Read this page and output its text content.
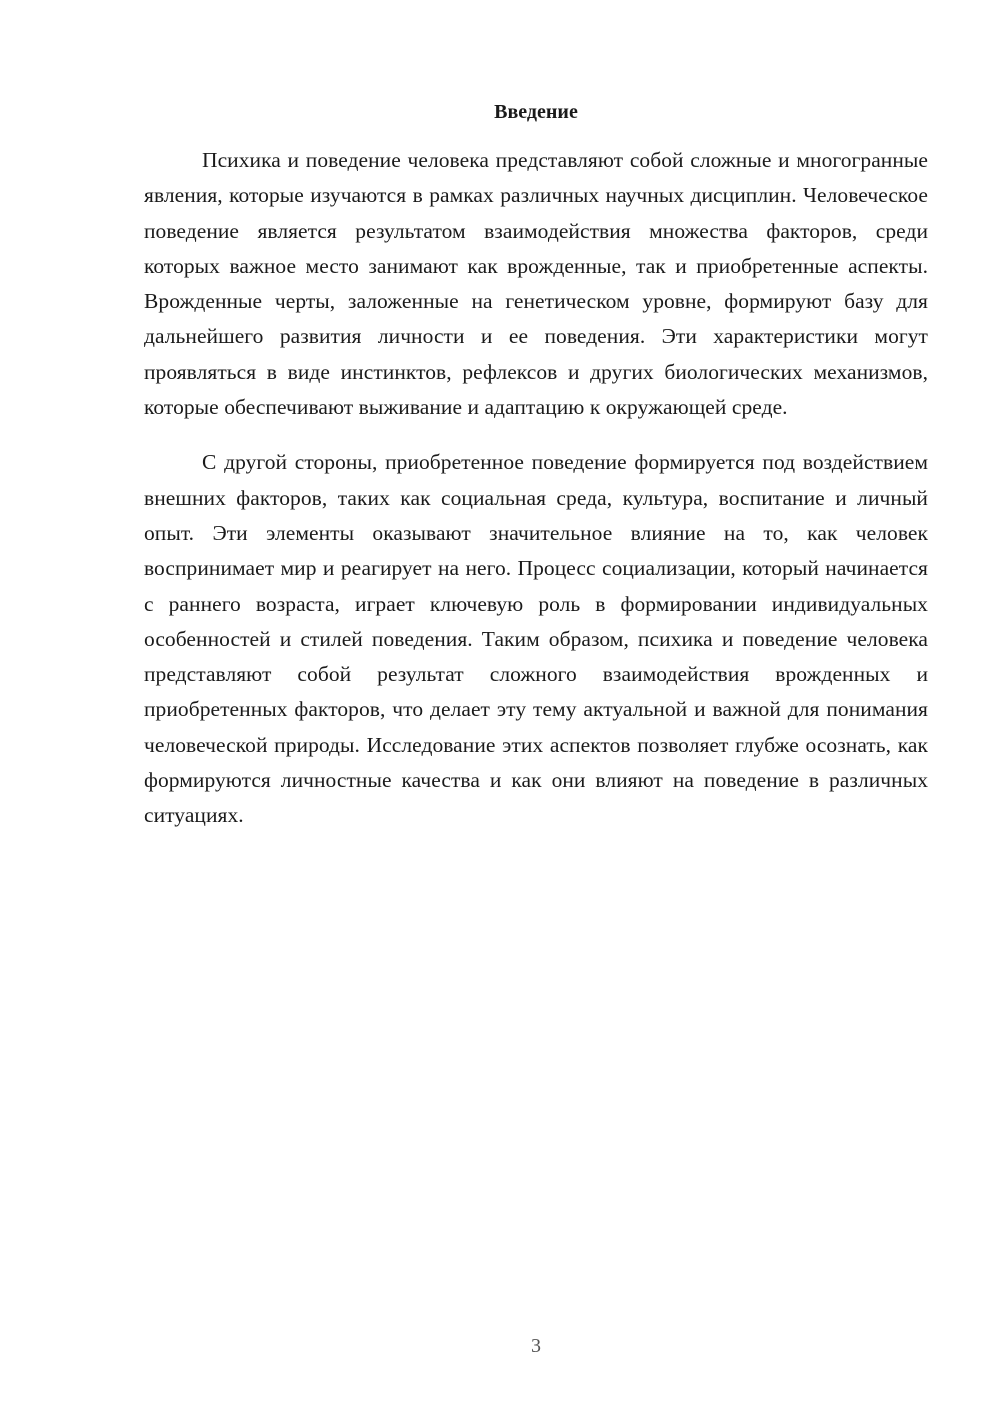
Введение

Психика и поведение человека представляют собой сложные и многогранные явления, которые изучаются в рамках различных научных дисциплин. Человеческое поведение является результатом взаимодействия множества факторов, среди которых важное место занимают как врожденные, так и приобретенные аспекты. Врожденные черты, заложенные на генетическом уровне, формируют базу для дальнейшего развития личности и ее поведения. Эти характеристики могут проявляться в виде инстинктов, рефлексов и других биологических механизмов, которые обеспечивают выживание и адаптацию к окружающей среде.

С другой стороны, приобретенное поведение формируется под воздействием внешних факторов, таких как социальная среда, культура, воспитание и личный опыт. Эти элементы оказывают значительное влияние на то, как человек воспринимает мир и реагирует на него. Процесс социализации, который начинается с раннего возраста, играет ключевую роль в формировании индивидуальных особенностей и стилей поведения. Таким образом, психика и поведение человека представляют собой результат сложного взаимодействия врожденных и приобретенных факторов, что делает эту тему актуальной и важной для понимания человеческой природы. Исследование этих аспектов позволяет глубже осознать, как формируются личностные качества и как они влияют на поведение в различных ситуациях.

3
